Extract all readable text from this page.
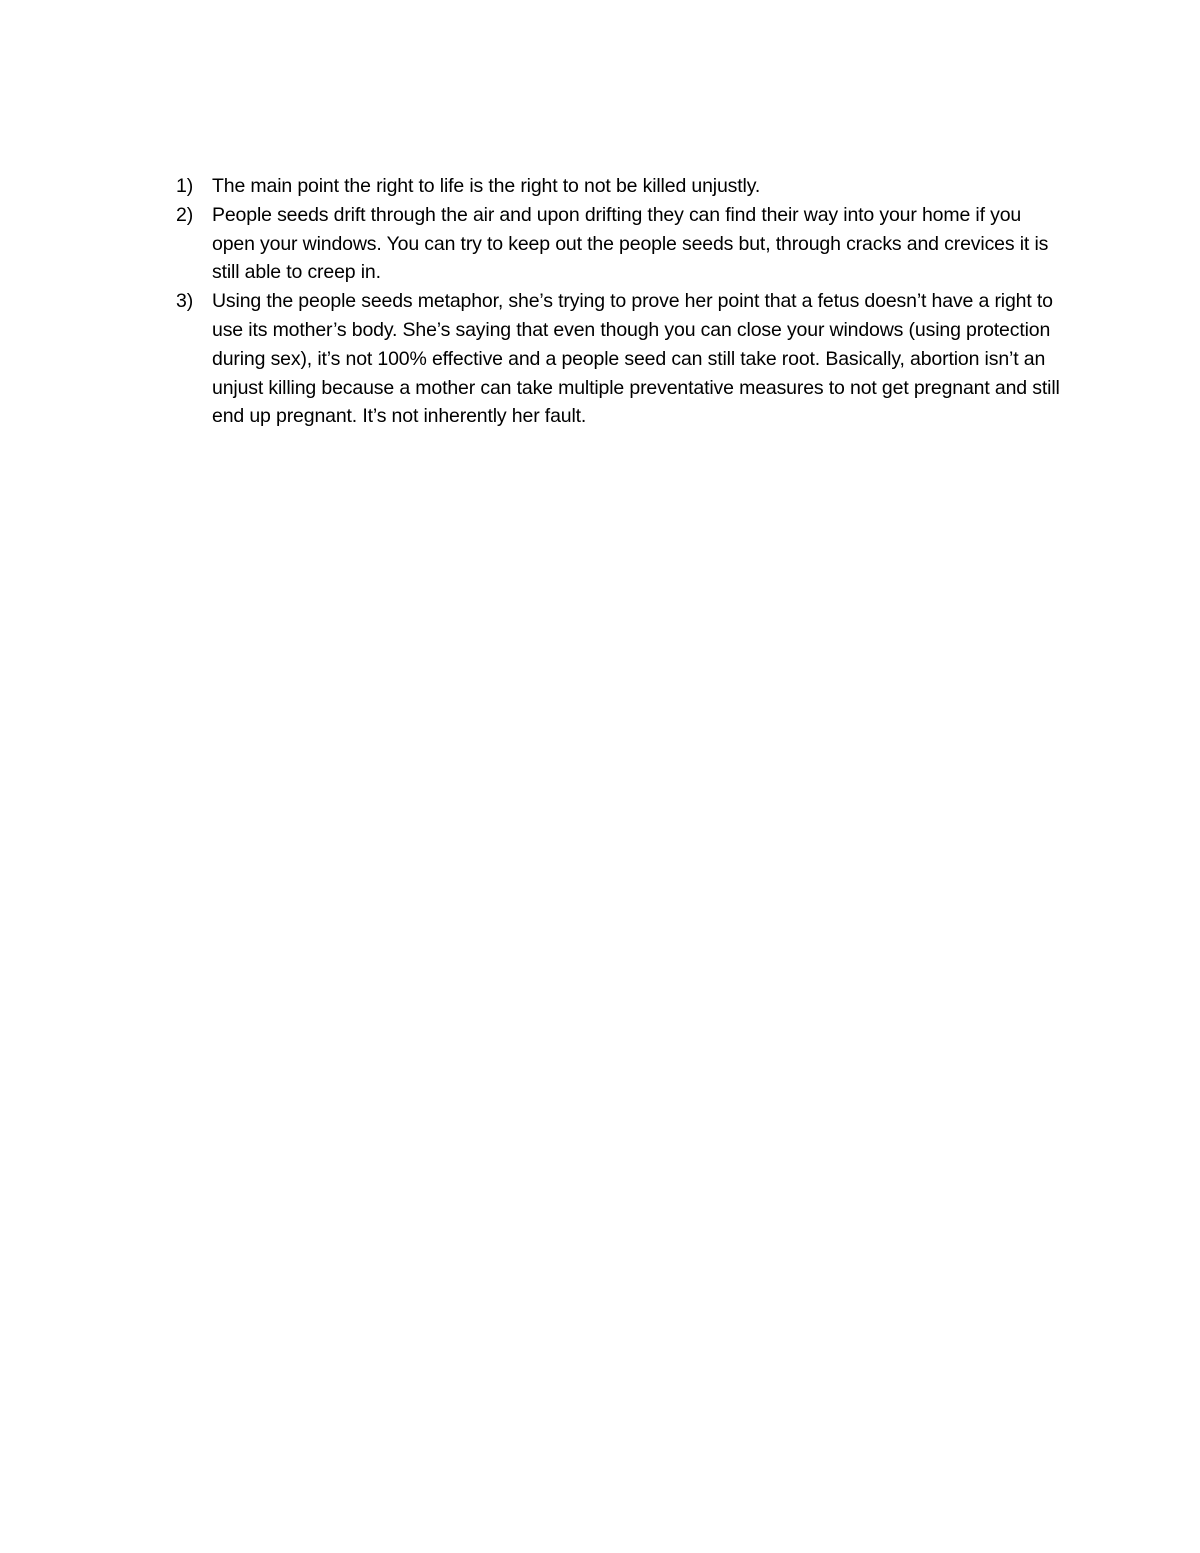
1) The main point the right to life is the right to not be killed unjustly.
2) People seeds drift through the air and upon drifting they can find their way into your home if you open your windows. You can try to keep out the people seeds but, through cracks and crevices it is still able to creep in.
3) Using the people seeds metaphor, she’s trying to prove her point that a fetus doesn’t have a right to use its mother’s body. She’s saying that even though you can close your windows (using protection during sex), it’s not 100% effective and a people seed can still take root. Basically, abortion isn’t an unjust killing because a mother can take multiple preventative measures to not get pregnant and still end up pregnant. It’s not inherently her fault.
